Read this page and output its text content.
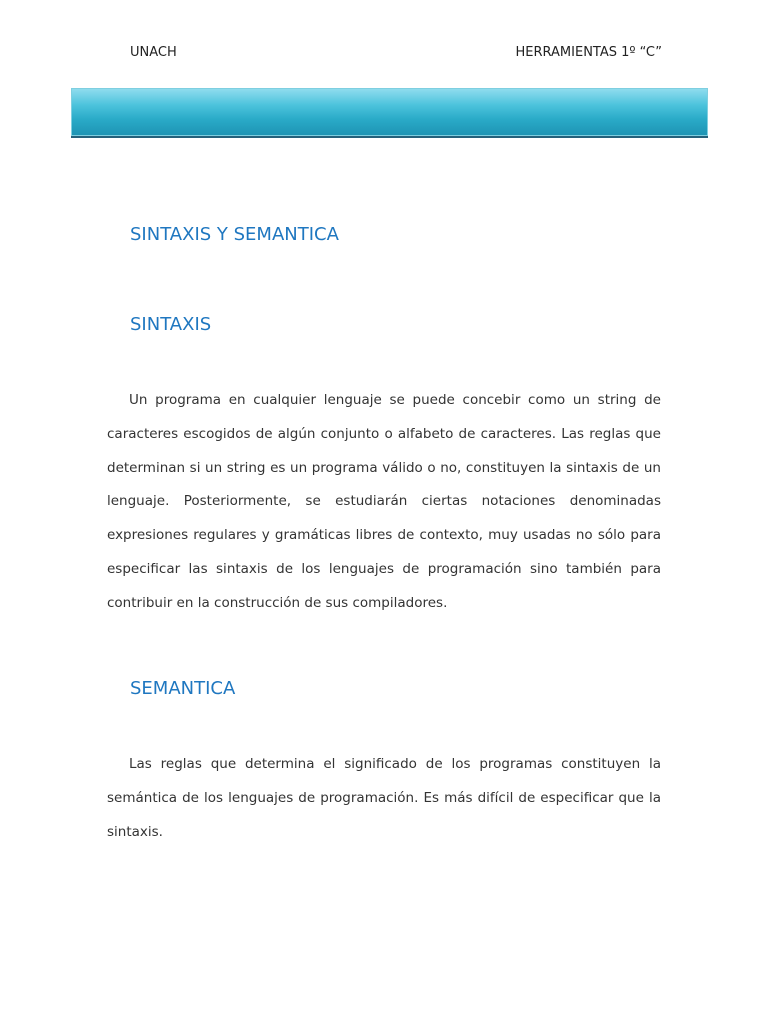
UNACH	HERRAMIENTAS 1º “C”
SINTAXIS Y SEMANTICA
SINTAXIS

Un programa en cualquier lenguaje se puede concebir como un string de caracteres escogidos de algún conjunto o alfabeto de caracteres. Las reglas que determinan si un string es un programa válido o no, constituyen la sintaxis de un lenguaje. Posteriormente, se estudiarán ciertas notaciones denominadas expresiones regulares y gramáticas libres de contexto, muy usadas no sólo para especificar las sintaxis de los lenguajes de programación sino también para contribuir en la construcción de sus compiladores.

SEMANTICA

Las reglas que determina el significado de los programas constituyen la semántica de los lenguajes de programación. Es más difícil de especificar que la sintaxis.
